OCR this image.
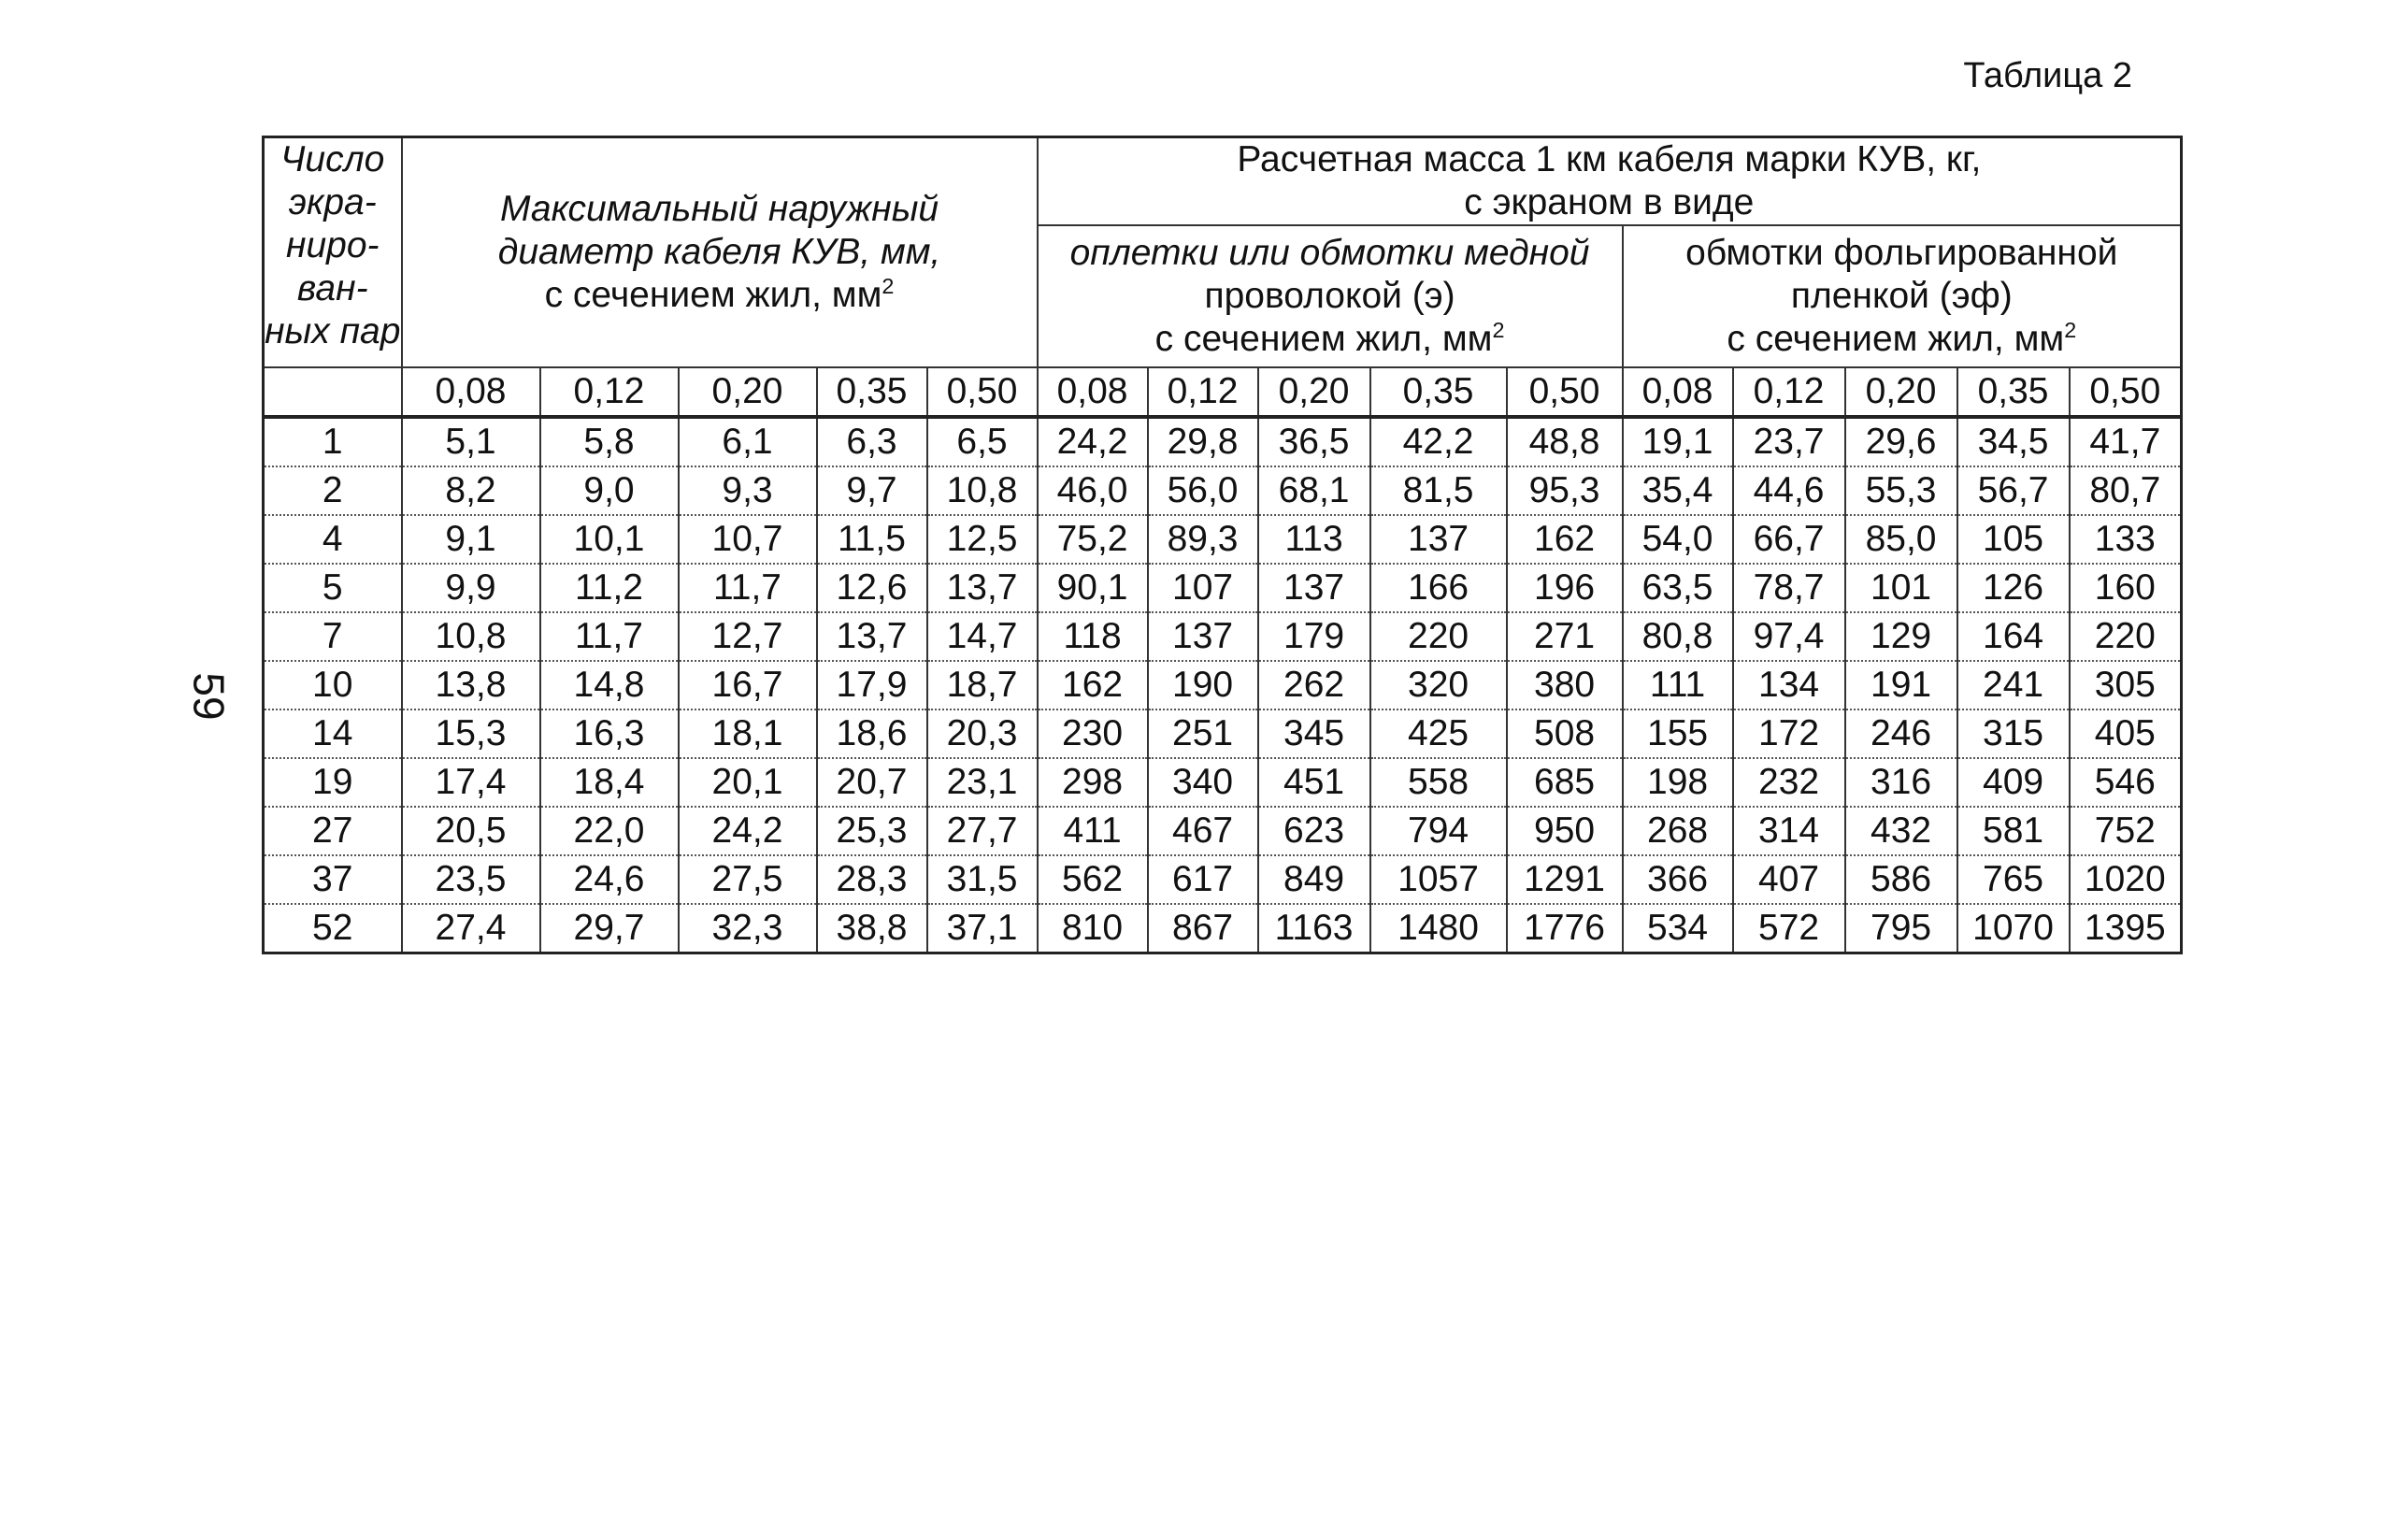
Таблица 2
59
Число экра- ниро- ван- ных пар	Максимальный наружный
диаметр кабеля КУВ, мм,
с сечением жил, $мм^2$					Расчетная масса 1 км кабеля марки КУВ, кг,
с экраном в виде									
						оплетки или обмотки медной
проволокой (э)
с сечением жил, $мм^2$					обмотки фольгированной
пленкой (эф)
с сечением жил, $мм^2$
	0,08	0,12	0,20	0,35	0,50	0,08	0,12	0,20	0,35	0,50	0,08	0,12	0,20	0,35	0,50
1	5,1	5,8	6,1	6,3	6,5	24,2	29,8	36,5	42,2	48,8	19,1	23,7	29,6	34,5	41,7
2	8,2	9,0	9,3	9,7	10,8	46,0	56,0	68,1	81,5	95,3	35,4	44,6	55,3	56,7	80,7
4	9,1	10,1	10,7	11,5	12,5	75,2	89,3	113	137	162	54,0	66,7	85,0	105	133
5	9,9	11,2	11,7	12,6	13,7	90,1	107	137	166	196	63,5	78,7	101	126	160
7	10,8	11,7	12,7	13,7	14,7	118	137	179	220	271	80,8	97,4	129	164	220
10	13,8	14,8	16,7	17,9	18,7	162	190	262	320	380	111	134	191	241	305
14	15,3	16,3	18,1	18,6	20,3	230	251	345	425	508	155	172	246	315	405
19	17,4	18,4	20,1	20,7	23,1	298	340	451	558	685	198	232	316	409	546
27	20,5	22,0	24,2	25,3	27,7	411	467	623	794	950	268	314	432	581	752
37	23,5	24,6	27,5	28,3	31,5	562	617	849	1057	1291	366	407	586	765	1020
52	27,4	29,7	32,3	38,8	37,1	810	867	1163	1480	1776	534	572	795	1070	1395
